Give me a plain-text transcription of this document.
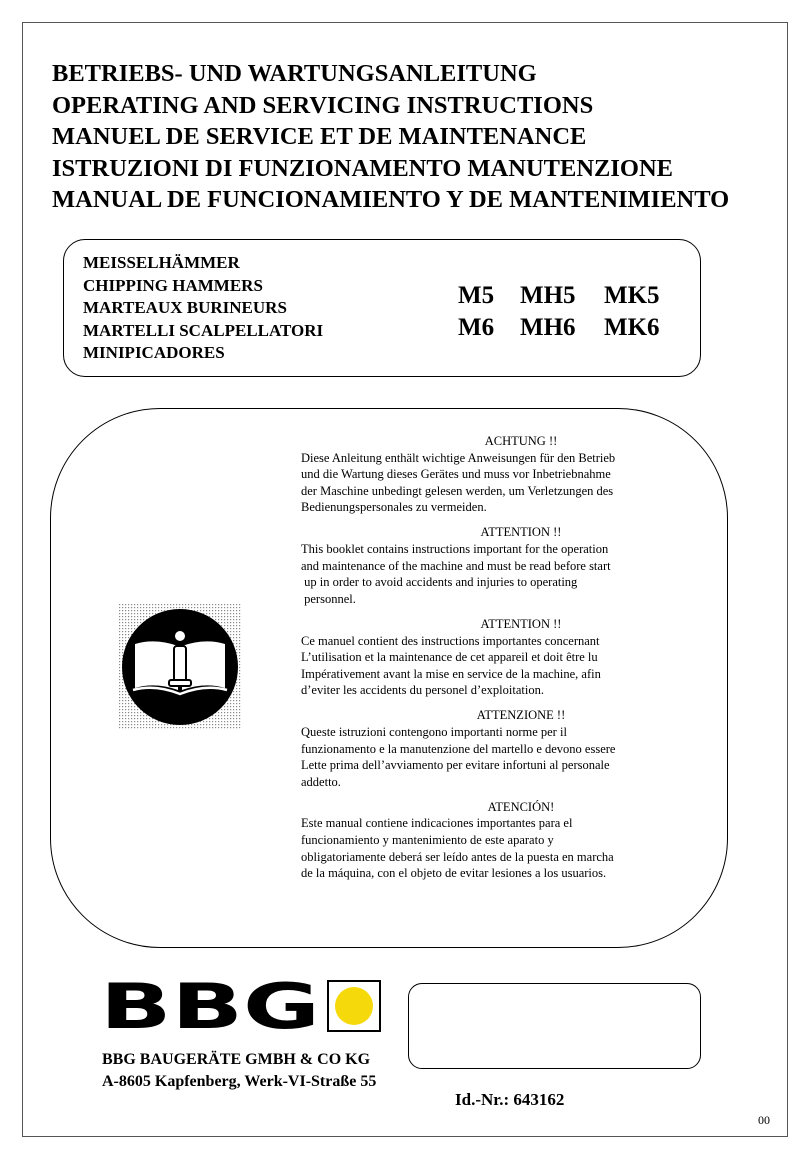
BETRIEBS- UND WARTUNGSANLEITUNG
OPERATING AND SERVICING INSTRUCTIONS
MANUEL DE SERVICE ET DE MAINTENANCE
ISTRUZIONI DI FUNZIONAMENTO MANUTENZIONE
MANUAL DE FUNCIONAMIENTO Y DE MANTENIMIENTO
MEISSELHÄMMER
CHIPPING HAMMERS
MARTEAUX BURINEURS
MARTELLI SCALPELLATORI
MINIPICADORES
M5	MH5	MK5
M6	MH6	MK6
ACHTUNG !!
Diese Anleitung enthält wichtige Anweisungen für den Betrieb
und die Wartung dieses Gerätes und muss vor Inbetriebnahme
der Maschine unbedingt gelesen werden, um Verletzungen des
Bedienungspersonales zu vermeiden.
ATTENTION !!
This booklet contains instructions important for the operation
and maintenance of the machine and must be read before start
up in order to avoid accidents and injuries to operating
personnel.
ATTENTION !!
Ce manuel contient des instructions importantes concernant
L’utilisation et la maintenance de cet appareil et doit être lu
Impérativement avant la mise en service de la machine, afin
d’eviter les accidents du personel d’exploitation.
ATTENZIONE !!
Queste istruzioni contengono importanti norme per il
funzionamento e la manutenzione del martello e devono essere
Lette prima dell’avviamento per evitare infortuni al personale
addetto.
ATENCIÓN!
Este manual contiene indicaciones importantes para el
funcionamiento y mantenimiento de este aparato y
obligatoriamente deberá ser leído antes de la puesta en marcha
de la máquina, con el objeto de evitar lesiones a los usuarios.
BBG
BBG BAUGERÄTE GMBH & CO KG
A-8605 Kapfenberg, Werk-VI-Straße 55
Id.-Nr.: 643162
00
